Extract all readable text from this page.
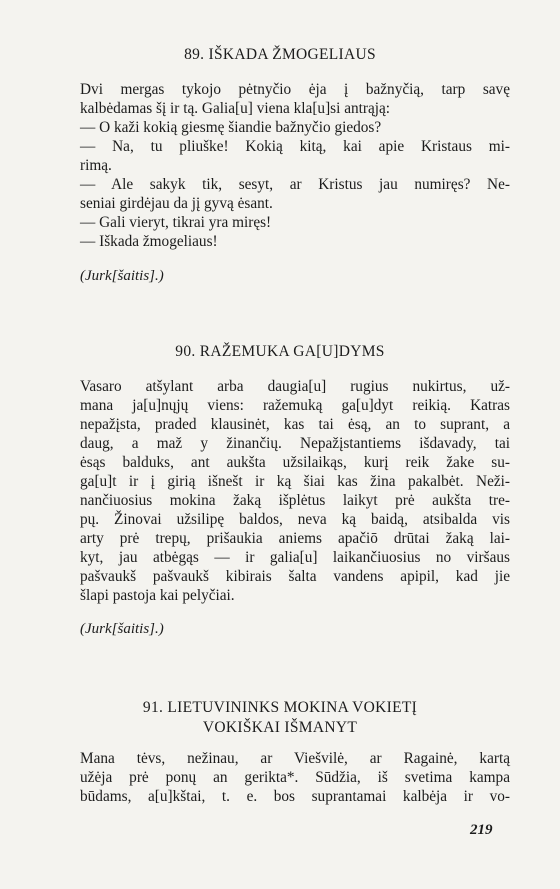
89. IŠKADA ŽMOGELIAUS
Dvi mergas tykojo pėtnyčio ėja į bažnyčią, tarp savę
kalbėdamas šį ir tą. Galia[u] viena kla[u]si antrąją:
— O kaži kokią giesmę šiandie bažnyčio giedos?
— Na, tu pliuške! Kokią kitą, kai apie Kristaus mi-
rimą.
— Ale sakyk tik, sesyt, ar Kristus jau numiręs? Ne-
seniai girdėjau da jį gyvą ėsant.
— Gali vieryt, tikrai yra miręs!
— Iškada žmogeliaus!
(Jurk[šaitis].)
90. RAŽEMUKA GA[U]DYMS
Vasaro atšylant arba daugia[u] rugius nukirtus, už-
mana ja[u]nųjų viens: ražemuką ga[u]dyt reikią. Katras
nepažįsta, praded klausinėt, kas tai ėsą, an to suprant, a
daug, a maž y žinančių. Nepažįstantiems išdavady, tai
ėsąs balduks, ant aukšta užsilaikąs, kurį reik žake su-
ga[u]t ir į girią išnešt ir ką šiai kas žina pakalbėt. Neži-
nančiuosius mokina žaką išplėtus laikyt prė aukšta tre-
pų. Žinovai užsilipę baldos, neva ką baidą, atsibalda vis
arty prė trepų, prišaukia aniems apačiō drūtai žaką lai-
kyt, jau atbėgąs — ir galia[u] laikančiuosius no viršaus
pašvaukš pašvaukš kibirais šalta vandens apipil, kad jie
šlapi pastoja kai pelyčiai.
(Jurk[šaitis].)
91. LIETUVININKS MOKINA VOKIETĮ
VOKIŠKAI IŠMANYT
Mana tėvs, nežinau, ar Viešvilė, ar Ragainė, kartą
užėja prė ponų an gerikta*. Sūdžia, iš svetima kampa
būdams, a[u]kštai, t. e. bos suprantamai kalbėja ir vo-
219
